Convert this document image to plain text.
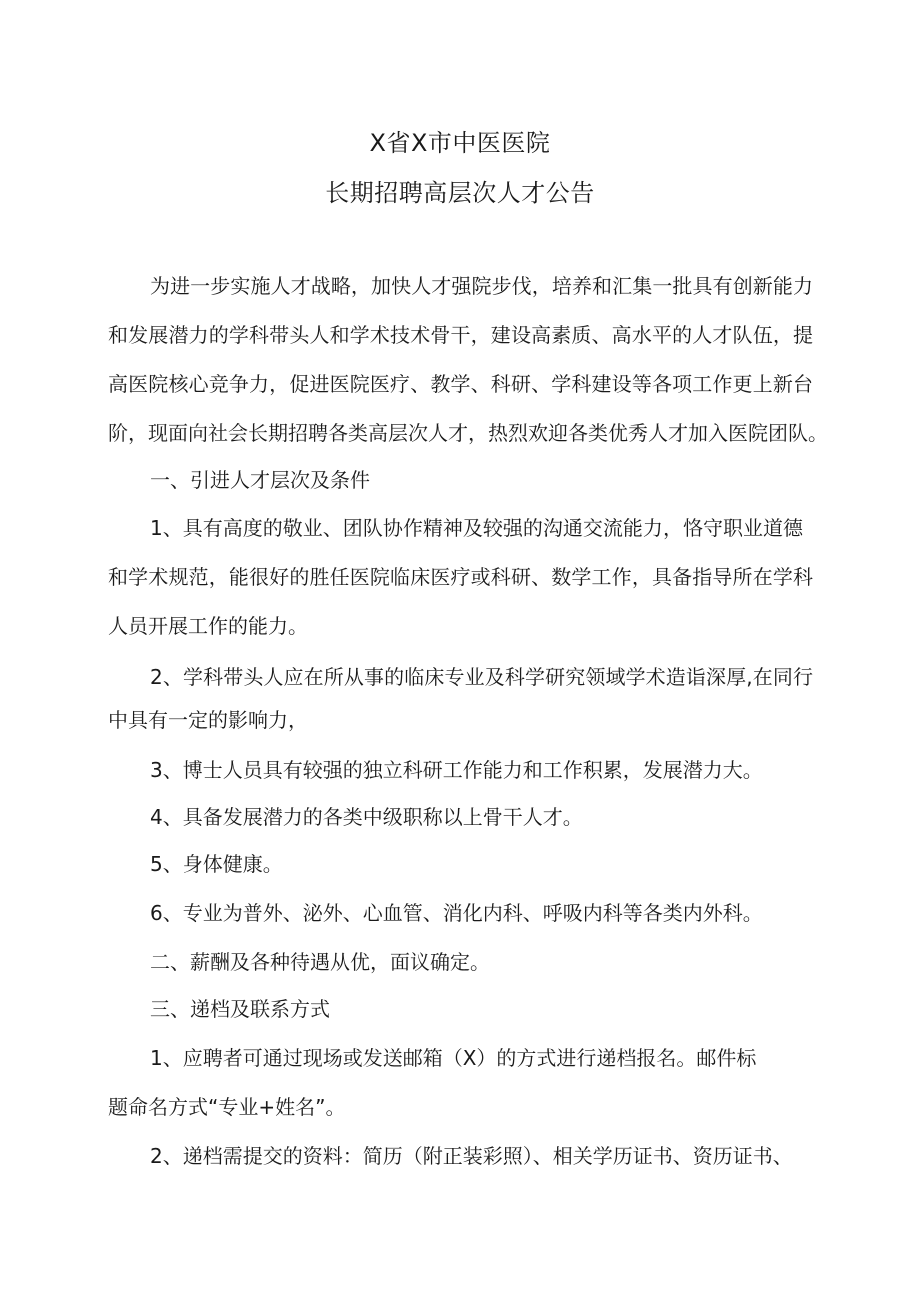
X省X市中医医院
长期招聘高层次人才公告
为进一步实施人才战略，加快人才强院步伐，培养和汇集一批具有创新能力
和发展潜力的学科带头人和学术技术骨干，建设高素质、高水平的人才队伍，提
高医院核心竞争力，促进医院医疗、教学、科研、学科建设等各项工作更上新台
阶，现面向社会长期招聘各类高层次人才，热烈欢迎各类优秀人才加入医院团队。
一、引进人才层次及条件
1、具有高度的敬业、团队协作精神及较强的沟通交流能力，恪守职业道德
和学术规范，能很好的胜任医院临床医疗或科研、数学工作，具备指导所在学科
人员开展工作的能力。
2、学科带头人应在所从事的临床专业及科学研究领域学术造诣深厚,在同行
中具有一定的影响力，
3、博士人员具有较强的独立科研工作能力和工作积累，发展潜力大。
4、具备发展潜力的各类中级职称以上骨干人才。
5、身体健康。
6、专业为普外、泌外、心血管、消化内科、呼吸内科等各类内外科。
二、薪酬及各种待遇从优，面议确定。
三、递档及联系方式
1、应聘者可通过现场或发送邮箱（X）的方式进行递档报名。邮件标
题命名方式“专业+姓名”。
2、递档需提交的资料：简历（附正装彩照）、相关学历证书、资历证书、
